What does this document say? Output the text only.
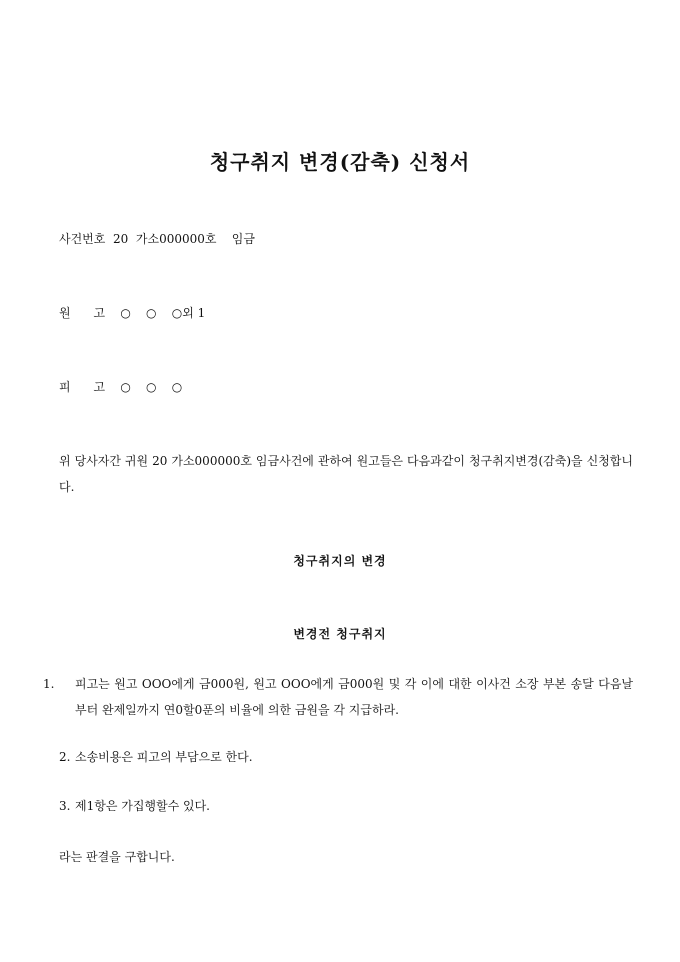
청구취지 변경(감축) 신청서
사건번호  20  가소000000호    임금
원      고    ○    ○    ○외 1
피      고    ○    ○    ○
위 당사자간 귀원 20 가소000000호 임금사건에 관하여 원고들은 다음과같이 청구취지변경(감축)을 신청합니다.
청구취지의 변경
변경전 청구취지
1. 피고는 원고 OOO에게 금000원, 원고 OOO에게 금000원 및 각 이에 대한 이사건 소장 부본 송달 다음날부터 완제일까지 연0할0푼의 비율에 의한 금원을 각 지급하라.
2. 소송비용은 피고의 부담으로 한다.
3. 제1항은 가집행할수 있다.
라는 판결을 구합니다.
